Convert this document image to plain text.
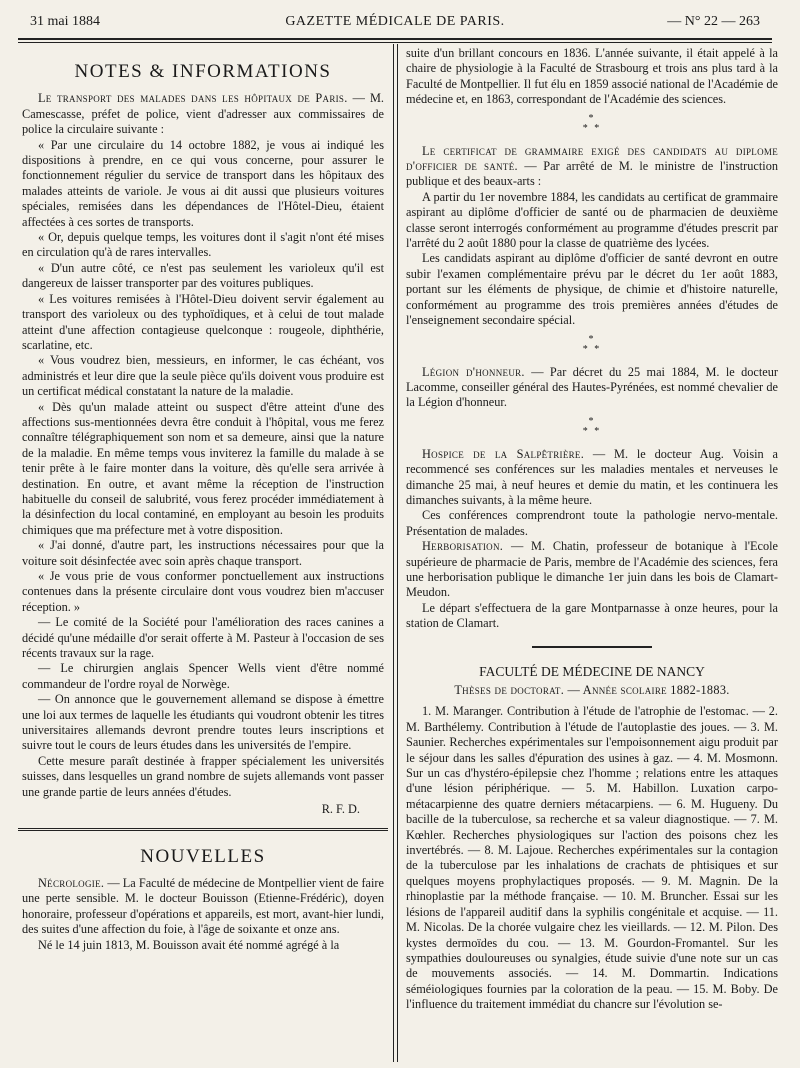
GAZETTE MÉDICALE DE PARIS.
31 mai 1884	— N° 22 — 263
NOTES & INFORMATIONS

Le transport des malades dans les hôpitaux de Paris. — M. Camescasse, préfet de police, vient d'adresser aux commissaires de police la circulaire suivante :

« Par une circulaire du 14 octobre 1882, je vous ai indiqué les dispositions à prendre, en ce qui vous concerne, pour assurer le fonctionnement régulier du service de transport dans les hôpitaux des malades atteints de variole. Je vous ai dit aussi que plusieurs voitures spéciales, remisées dans les dépendances de l'Hôtel-Dieu, étaient affectées à ces sortes de transports.

« Or, depuis quelque temps, les voitures dont il s'agit n'ont été mises en circulation qu'à de rares intervalles.

« D'un autre côté, ce n'est pas seulement les varioleux qu'il est dangereux de laisser transporter par des voitures publiques.

« Les voitures remisées à l'Hôtel-Dieu doivent servir également au transport des varioleux ou des typhoïdiques, et à celui de tout malade atteint d'une affection contagieuse quelconque : rougeole, diphthérie, scarlatine, etc.

« Vous voudrez bien, messieurs, en informer, le cas échéant, vos administrés et leur dire que la seule pièce qu'ils doivent vous produire est un certificat médical constatant la nature de la maladie.

« Dès qu'un malade atteint ou suspect d'être atteint d'une des affections sus-mentionnées devra être conduit à l'hôpital, vous me ferez connaître télégraphiquement son nom et sa demeure, ainsi que la nature de la maladie. En même temps vous inviterez la famille du malade à se tenir prête à le faire monter dans la voiture, dès qu'elle sera arrivée à destination. En outre, et avant même la réception de l'instruction habituelle du conseil de salubrité, vous ferez procéder immédiatement à la désinfection du local contaminé, en employant au besoin les produits chimiques que ma préfecture met à votre disposition.

« J'ai donné, d'autre part, les instructions nécessaires pour que la voiture soit désinfectée avec soin après chaque transport.

« Je vous prie de vous conformer ponctuellement aux instructions contenues dans la présente circulaire dont vous voudrez bien m'accuser réception. »

— Le comité de la Société pour l'amélioration des races canines a décidé qu'une médaille d'or serait offerte à M. Pasteur à l'occasion de ses récents travaux sur la rage.

— Le chirurgien anglais Spencer Wells vient d'être nommé commandeur de l'ordre royal de Norwège.

— On annonce que le gouvernement allemand se dispose à émettre une loi aux termes de laquelle les étudiants qui voudront obtenir les titres universitaires allemands devront prendre toutes leurs inscriptions et suivre tout le cours de leurs études dans les universités de l'empire.

Cette mesure paraît destinée à frapper spécialement les universités suisses, dans lesquelles un grand nombre de sujets allemands vont passer une grande partie de leurs années d'études.

R. F. D.
NOUVELLES

Nécrologie. — La Faculté de médecine de Montpellier vient de faire une perte sensible. M. le docteur Bouisson (Etienne-Frédéric), doyen honoraire, professeur d'opérations et appareils, est mort, avant-hier lundi, des suites d'une affection du foie, à l'âge de soixante et onze ans.

Né le 14 juin 1813, M. Bouisson avait été nommé agrégé à la

suite d'un brillant concours en 1836. L'année suivante, il était appelé à la chaire de physiologie à la Faculté de Strasbourg et trois ans plus tard à la Faculté de Montpellier. Il fut élu en 1859 associé national de l'Académie de médecine et, en 1863, correspondant de l'Académie des sciences.

*
* *

Le certificat de grammaire exigé des candidats au diplome d'officier de santé. — Par arrêté de M. le ministre de l'instruction publique et des beaux-arts :

A partir du 1er novembre 1884, les candidats au certificat de grammaire aspirant au diplôme d'officier de santé ou de pharmacien de deuxième classe seront interrogés conformément au programme d'études prescrit par l'arrêté du 2 août 1880 pour la classe de quatrième des lycées.

Les candidats aspirant au diplôme d'officier de santé devront en outre subir l'examen complémentaire prévu par le décret du 1er août 1883, portant sur les éléments de physique, de chimie et d'histoire naturelle, conformément au programme des trois premières années d'études de l'enseignement secondaire spécial.

*
* *

Légion d'honneur. — Par décret du 25 mai 1884, M. le docteur Lacomme, conseiller général des Hautes-Pyrénées, est nommé chevalier de la Légion d'honneur.

*
* *

Hospice de la Salpêtrière. — M. le docteur Aug. Voisin a recommencé ses conférences sur les maladies mentales et nerveuses le dimanche 25 mai, à neuf heures et demie du matin, et les continuera les dimanches suivants, à la même heure.

Ces conférences comprendront toute la pathologie nervo-mentale. Présentation de malades.

Herborisation. — M. Chatin, professeur de botanique à l'Ecole supérieure de pharmacie de Paris, membre de l'Académie des sciences, fera une herborisation publique le dimanche 1er juin dans les bois de Clamart-Meudon.

Le départ s'effectuera de la gare Montparnasse à onze heures, pour la station de Clamart.

FACULTÉ DE MÉDECINE DE NANCY
Thèses de doctorat. — Année scolaire 1882-1883.

1. M. Maranger. Contribution à l'étude de l'atrophie de l'estomac. — 2. M. Barthélemy. Contribution à l'étude de l'autoplastie des joues. — 3. M. Saunier. Recherches expérimentales sur l'empoisonnement aigu produit par le séjour dans les salles d'épuration des usines à gaz. — 4. M. Mosmonn. Sur un cas d'hystéro-épilepsie chez l'homme ; relations entre les attaques d'une lésion périphérique. — 5. M. Habillon. Luxation carpo-métacarpienne des quatre derniers métacarpiens. — 6. M. Hugueny. Du bacille de la tuberculose, sa recherche et sa valeur diagnostique. — 7. M. Kœhler. Recherches physiologiques sur l'action des poisons chez les invertébrés. — 8. M. Lajoue. Recherches expérimentales sur la contagion de la tuberculose par les inhalations de crachats de phtisiques et sur quelques moyens prophylactiques proposés. — 9. M. Magnin. De la rhinoplastie par la méthode française. — 10. M. Bruncher. Essai sur les lésions de l'appareil auditif dans la syphilis congénitale et acquise. — 11. M. Nicolas. De la chorée vulgaire chez les vieillards. — 12. M. Pilon. Des kystes dermoïdes du cou. — 13. M. Gourdon-Fromantel. Sur les sympathies douloureuses ou synalgies, étude suivie d'une note sur un cas de mouvements associés. — 14. M. Dommartin. Indications séméiologiques fournies par la coloration de la peau. — 15. M. Boby. De l'influence du traitement immédiat du chancre sur l'évolution se-
